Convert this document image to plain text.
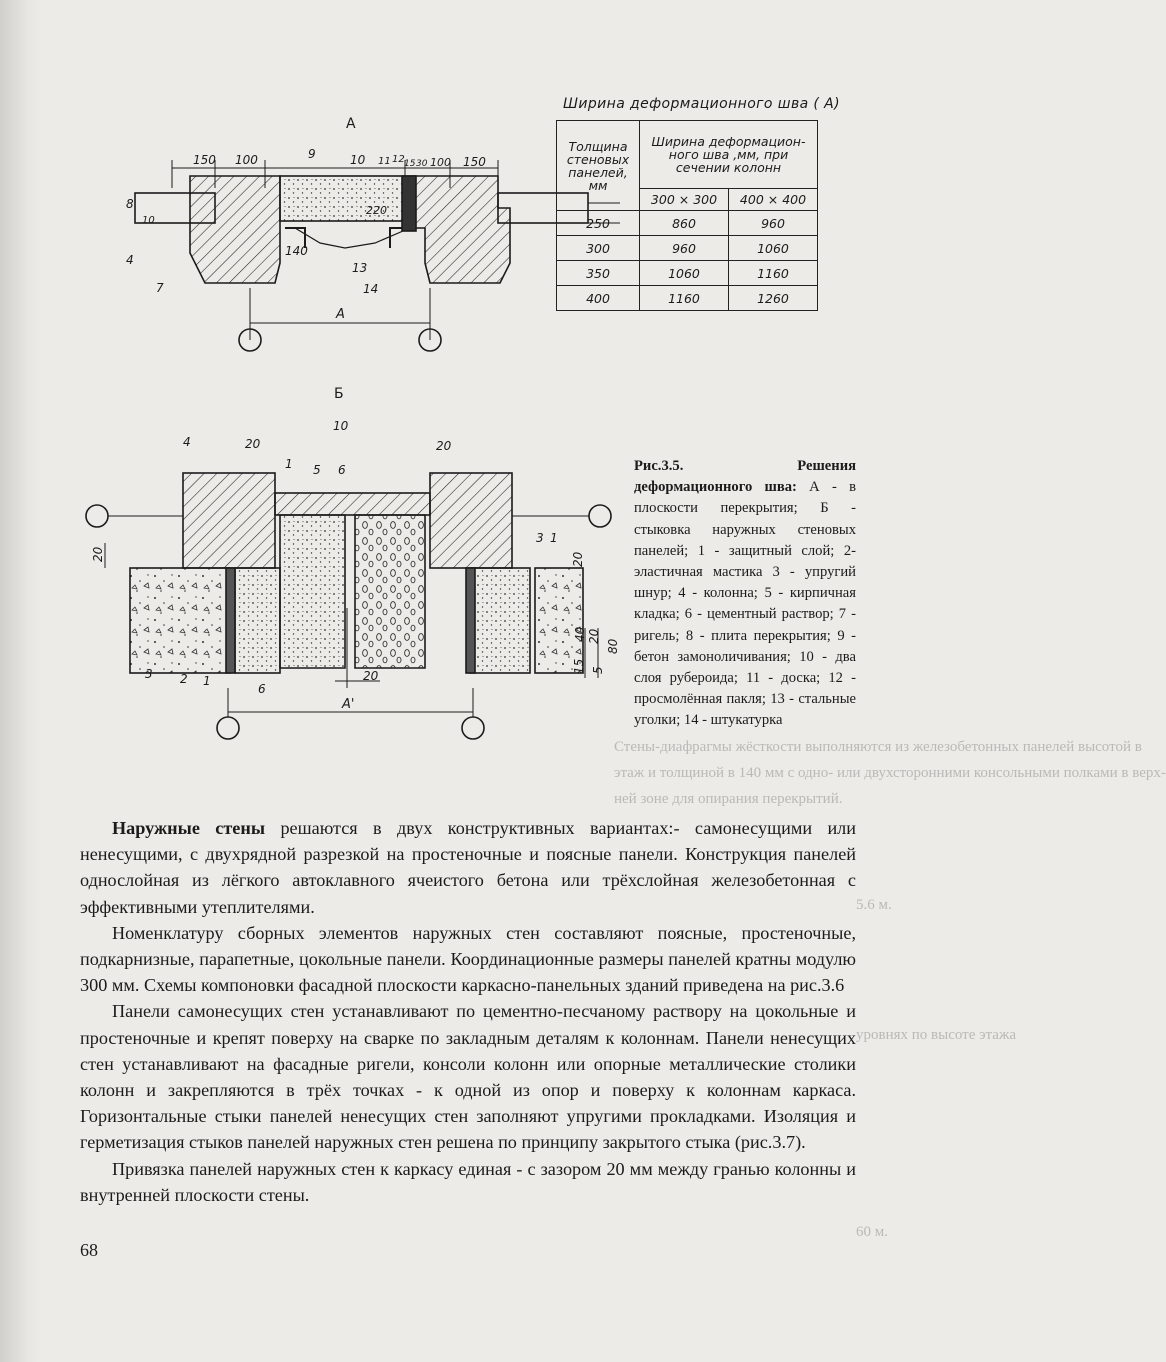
Стены-диафрагмы жёсткости выполняются из железобетонных панелей высотой в
этаж и толщиной в 140 мм с одно- или двухсторонними консольными полками в верх-
ней зоне для опирания перекрытий.
5.6 м.
уровнях по высоте этажа
60 м.
А
А
150 100	9	10 11 12 15 30 100 150
8
10
4
7
220
140
13
14
Б
А'
4	20
1 5 6
10
20
3 1
20	20
3 2 1
6
20
40
15 5
20
80
Ширина деформационного шва ( А)
Толщина стеновых панелей, мм	Ширина деформацион- ного шва ,мм, при сечении колонн	
	300 × 300	400 × 400
250	860	960
300	960	1060
350	1060	1160
400	1160	1260
Рис.3.5. Решения деформационного шва: А - в плоскости перекрытия; Б - стыковка наружных стеновых панелей; 1 - защитный слой; 2- эластичная мастика 3 - упругий шнур; 4 - колонна; 5 - кирпичная кладка; 6 - цементный раствор; 7 - ригель; 8 - плита перекрытия; 9 - бетон замоноличивания; 10 - два слоя рубероида; 11 - доска; 12 - просмолённая пакля; 13 - стальные уголки; 14 - штукатурка

Наружные стены решаются в двух конструктивных вариантах:- самонесущими или ненесущими, с двухрядной разрезкой на простеночные и поясные панели. Конструкция панелей однослойная из лёгкого автоклавного ячеистого бетона или трёхслойная железобетонная с эффективными утеплителями.

Номенклатуру сборных элементов наружных стен составляют поясные, простеночные, подкарнизные, парапетные, цокольные панели. Координационные размеры панелей кратны модулю 300 мм. Схемы компоновки фасадной плоскости каркасно-панельных зданий приведена на рис.3.6

Панели самонесущих стен устанавливают по цементно-песчаному раствору на цокольные и простеночные и крепят поверху на сварке по закладным деталям к колоннам. Панели ненесущих стен устанавливают на фасадные ригели, консоли колонн или опорные металлические столики колонн и закрепляются в трёх точках - к одной из опор и поверху к колоннам каркаса. Горизонтальные стыки панелей ненесущих стен заполняют упругими прокладками. Изоляция и герметизация стыков панелей наружных стен решена по принципу закрытого стыка (рис.3.7).

Привязка панелей наружных стен к каркасу единая - с зазором 20 мм между гранью колонны и внутренней плоскости стены.

68
